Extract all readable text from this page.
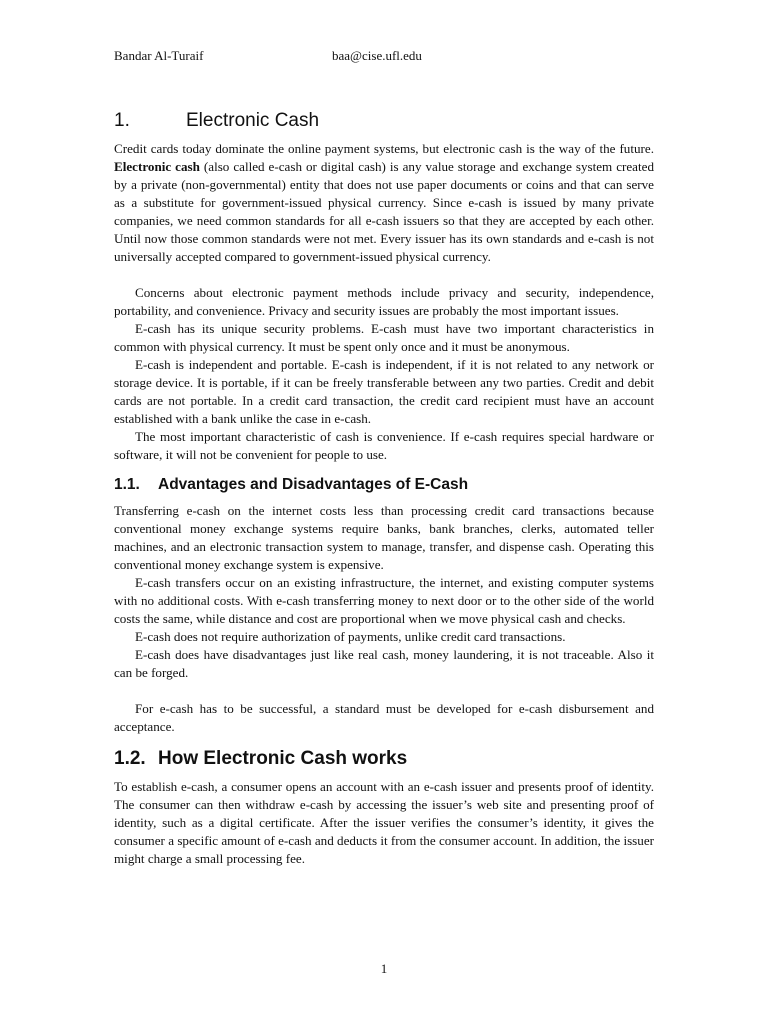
Bandar Al-Turaif	baa@cise.ufl.edu
1.	Electronic Cash

Credit cards today dominate the online payment systems, but electronic cash is the way of the future. Electronic cash (also called e-cash or digital cash) is any value storage and exchange system created by a private (non-governmental) entity that does not use paper documents or coins and that can serve as a substitute for government-issued physical currency. Since e-cash is issued by many private companies, we need common standards for all e-cash issuers so that they are accepted by each other. Until now those common standards were not met. Every issuer has its own standards and e-cash is not universally accepted compared to government-issued physical currency.

Concerns about electronic payment methods include privacy and security, independence, portability, and convenience. Privacy and security issues are probably the most important issues.

E-cash has its unique security problems. E-cash must have two important characteristics in common with physical currency. It must be spent only once and it must be anonymous.

E-cash is independent and portable. E-cash is independent, if it is not related to any network or storage device. It is portable, if it can be freely transferable between any two parties. Credit and debit cards are not portable. In a credit card transaction, the credit card recipient must have an account established with a bank unlike the case in e-cash.

The most important characteristic of cash is convenience. If e-cash requires special hardware or software, it will not be convenient for people to use.

1.1. Advantages and Disadvantages of E-Cash

Transferring e-cash on the internet costs less than processing credit card transactions because conventional money exchange systems require banks, bank branches, clerks, automated teller machines, and an electronic transaction system to manage, transfer, and dispense cash. Operating this conventional money exchange system is expensive.

E-cash transfers occur on an existing infrastructure, the internet, and existing computer systems with no additional costs. With e-cash transferring money to next door or to the other side of the world costs the same, while distance and cost are proportional when we move physical cash and checks.

E-cash does not require authorization of payments, unlike credit card transactions.

E-cash does have disadvantages just like real cash, money laundering, it is not traceable. Also it can be forged.

For e-cash has to be successful, a standard must be developed for e-cash disbursement and acceptance.

1.2. How Electronic Cash works

To establish e-cash, a consumer opens an account with an e-cash issuer and presents proof of identity. The consumer can then withdraw e-cash by accessing the issuer’s web site and presenting proof of identity, such as a digital certificate. After the issuer verifies the consumer’s identity, it gives the consumer a specific amount of e-cash and deducts it from the consumer account. In addition, the issuer might charge a small processing fee.

1
